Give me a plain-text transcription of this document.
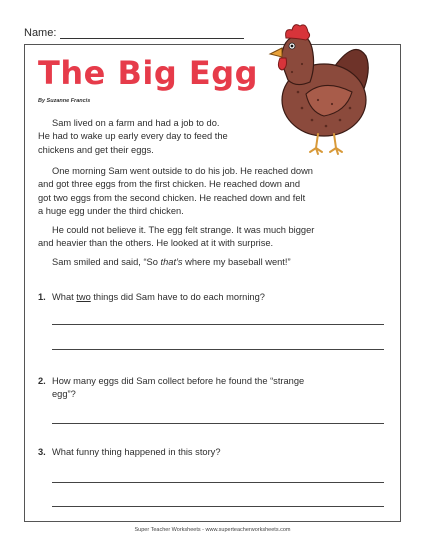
Name:
The Big Egg
By Suzanne Francis
Sam lived on a farm and had a job to do.
He had to wake up early every day to feed the
chickens and get their eggs.
One morning Sam went outside to do his job. He reached down
and got three eggs from the first chicken. He reached down and
got two eggs from the second chicken. He reached down and felt
a huge egg under the third chicken.
He could not believe it. The egg felt strange. It was much bigger
and heavier than the others. He looked at it with surprise.
Sam smiled and said, “So that’s where my baseball went!”
1. What two things did Sam have to do each morning?
2. How many eggs did Sam collect before he found the “strange
egg”?
3. What funny thing happened in this story?
Super Teacher Worksheets - www.superteacherworksheets.com
